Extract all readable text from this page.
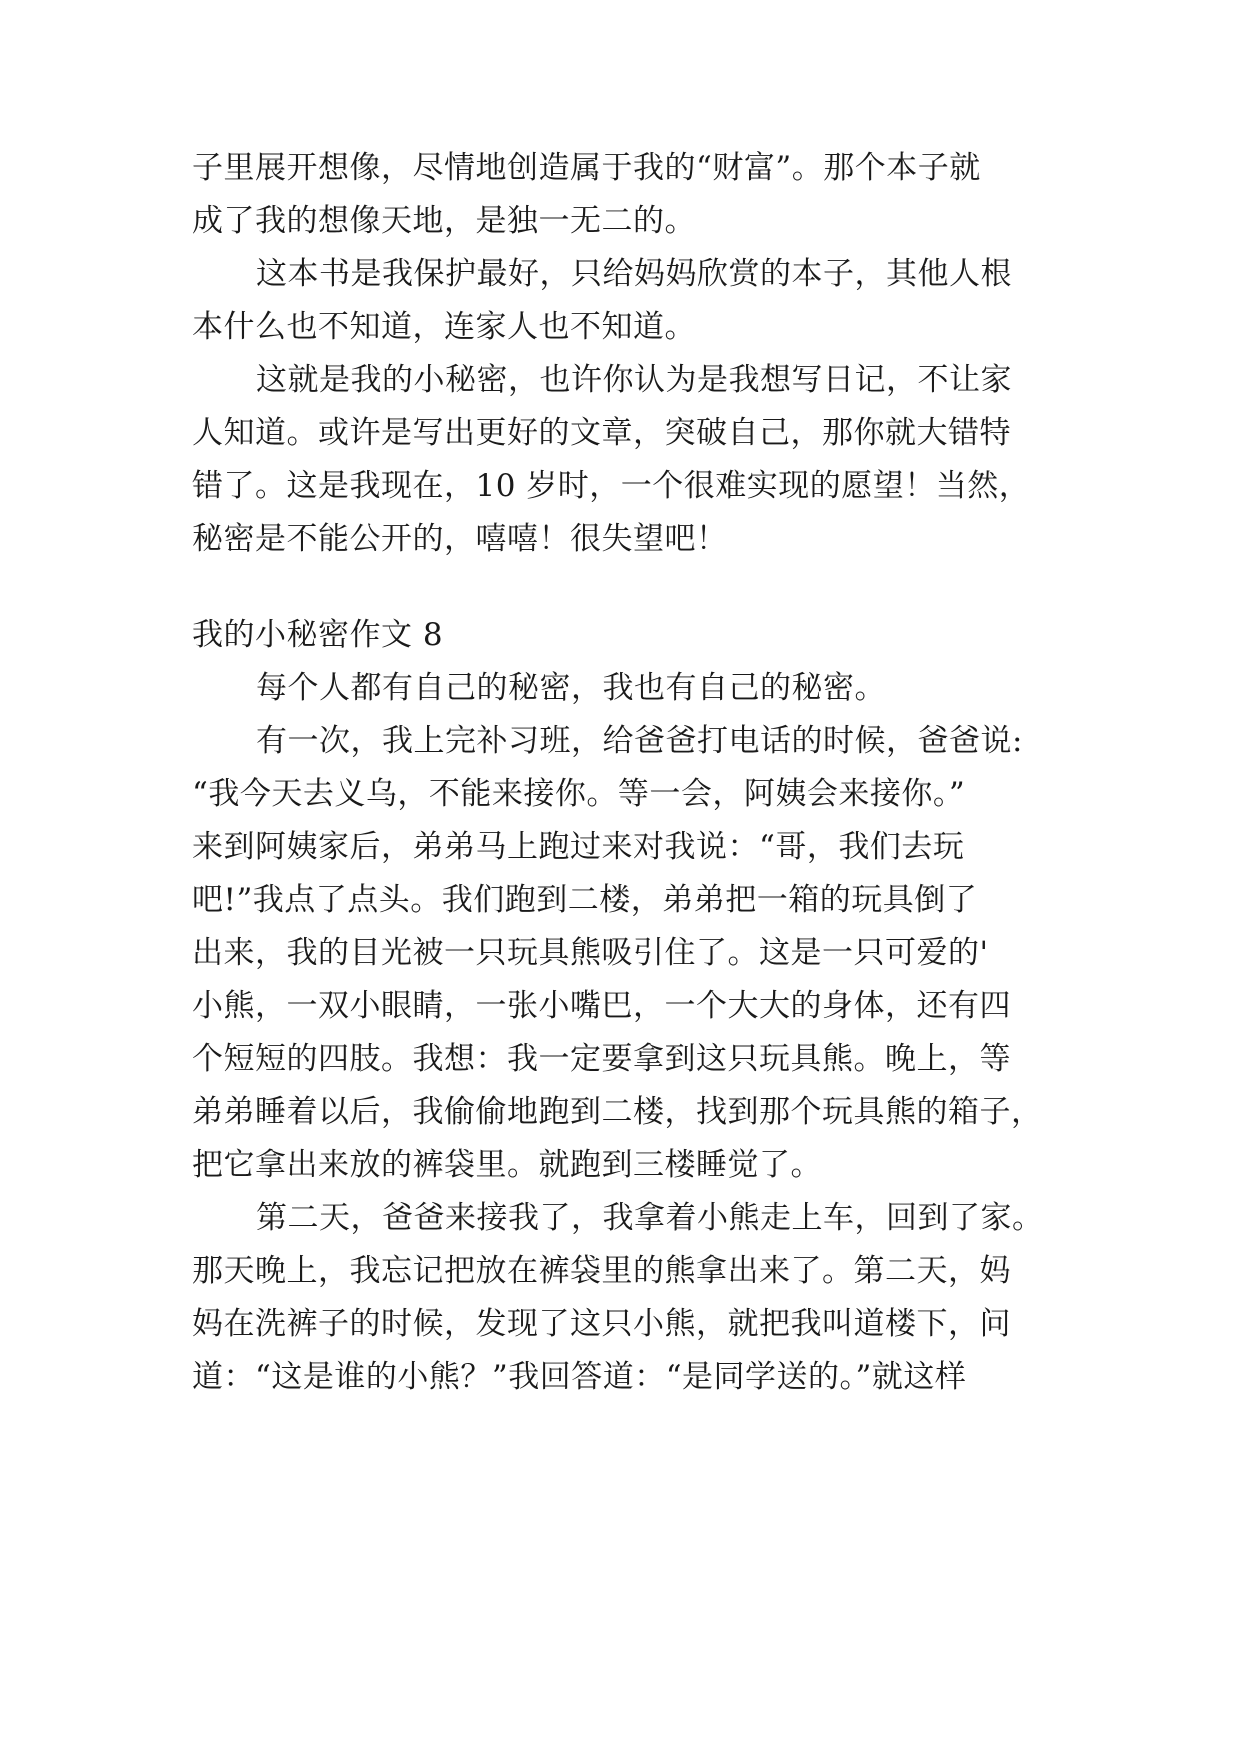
子里展开想像，尽情地创造属于我的“财富”。那个本子就
成了我的想像天地，是独一无二的。
这本书是我保护最好，只给妈妈欣赏的本子，其他人根
本什么也不知道，连家人也不知道。
这就是我的小秘密，也许你认为是我想写日记，不让家
人知道。或许是写出更好的文章，突破自己，那你就大错特
错了。这是我现在，10 岁时，一个很难实现的愿望！当然，
秘密是不能公开的，嘻嘻！很失望吧！
我的小秘密作文 8
每个人都有自己的秘密，我也有自己的秘密。
有一次，我上完补习班，给爸爸打电话的时候，爸爸说:
“我今天去义乌，不能来接你。等一会，阿姨会来接你。”
来到阿姨家后，弟弟马上跑过来对我说：“哥，我们去玩
吧!”我点了点头。我们跑到二楼，弟弟把一箱的玩具倒了
出来，我的目光被一只玩具熊吸引住了。这是一只可爱的'
小熊，一双小眼睛，一张小嘴巴，一个大大的身体，还有四
个短短的四肢。我想：我一定要拿到这只玩具熊。晚上，等
弟弟睡着以后，我偷偷地跑到二楼，找到那个玩具熊的箱子，
把它拿出来放的裤袋里。就跑到三楼睡觉了。
第二天，爸爸来接我了，我拿着小熊走上车，回到了家。
那天晚上，我忘记把放在裤袋里的熊拿出来了。第二天，妈
妈在洗裤子的时候，发现了这只小熊，就把我叫道楼下，问
道：“这是谁的小熊？”我回答道：“是同学送的。”就这样
